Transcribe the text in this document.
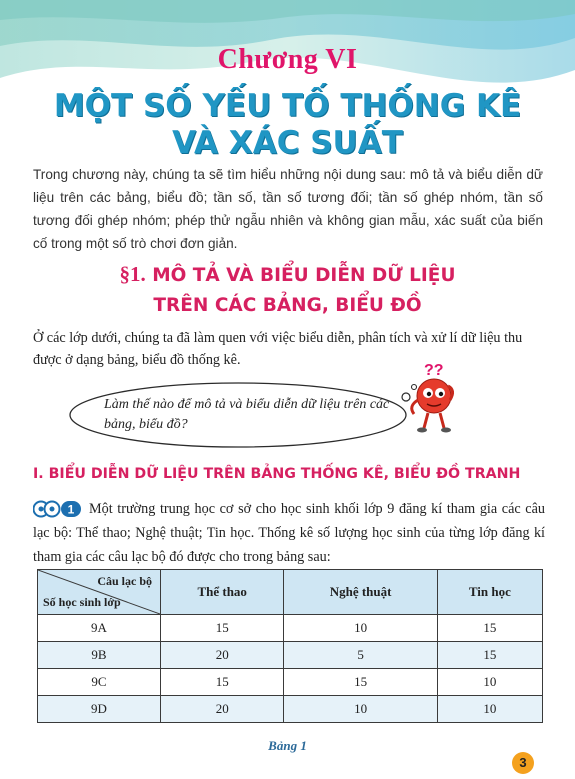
Chương VI
MỘT SỐ YẾU TỐ THỐNG KÊ
VÀ XÁC SUẤT
Trong chương này, chúng ta sẽ tìm hiểu những nội dung sau: mô tả và biểu diễn dữ liệu trên các bảng, biểu đồ; tần số, tần số tương đối; tần số ghép nhóm, tần số tương đối ghép nhóm; phép thử ngẫu nhiên và không gian mẫu, xác suất của biến cố trong một số trò chơi đơn giản.
§1. MÔ TẢ VÀ BIỂU DIỄN DỮ LIỆU
TRÊN CÁC BẢNG, BIỂU ĐỒ
Ở các lớp dưới, chúng ta đã làm quen với việc biểu diễn, phân tích và xử lí dữ liệu thu được ở dạng bảng, biểu đồ thống kê.
Làm thế nào để mô tả và biểu diễn dữ liệu trên các bảng, biểu đồ?
??
I. BIỂU DIỄN DỮ LIỆU TRÊN BẢNG THỐNG KÊ, BIỂU ĐỒ TRANH
1	Một trường trung học cơ sở cho học sinh khối lớp 9 đăng kí tham gia các câu lạc bộ: Thể thao; Nghệ thuật; Tin học. Thống kê số lượng học sinh của từng lớp đăng kí tham gia các câu lạc bộ đó được cho trong bảng sau:
Câu lạc bộ
Số học sinh lớp	Thể thao	Nghệ thuật	Tin học
9A	15	10	15
9B	20	5	15
9C	15	15	10
9D	20	10	10
Bảng 1
3
